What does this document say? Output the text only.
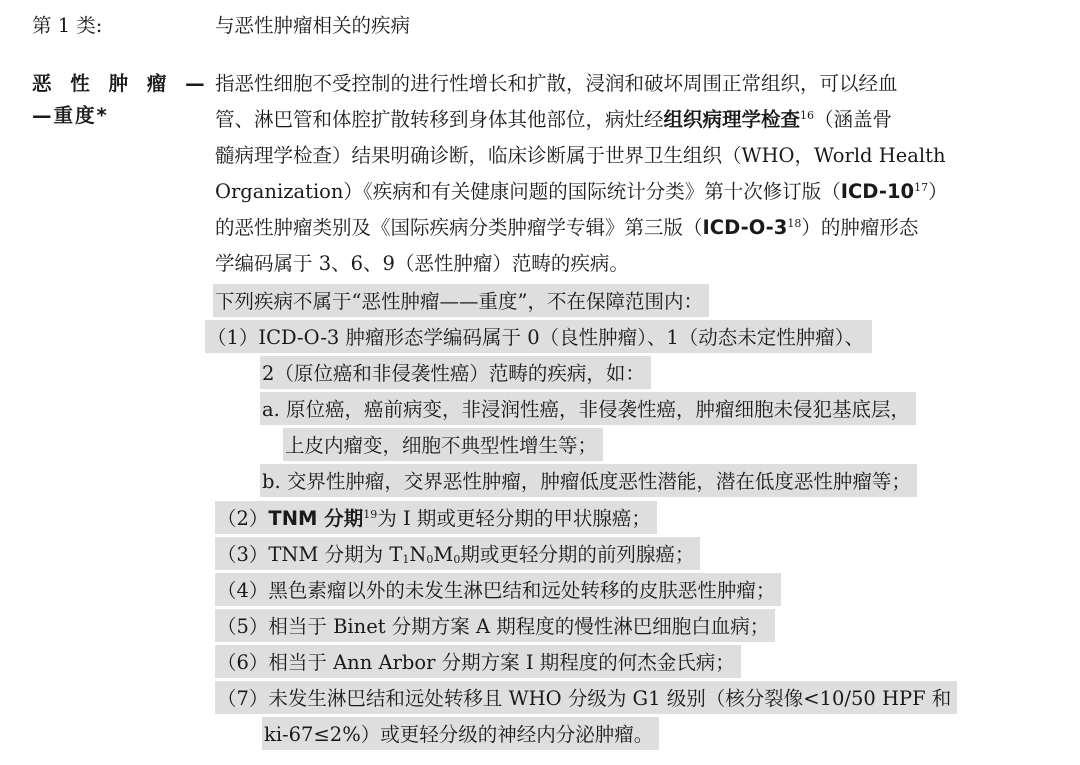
第 1 类:	与恶性肿瘤相关的疾病
恶 性 肿 瘤 —
—重度*
指恶性细胞不受控制的进行性增长和扩散，浸润和破坏周围正常组织，可以经血
管、淋巴管和体腔扩散转移到身体其他部位，病灶经组织病理学检查$^{16}$（涵盖骨
髓病理学检查）结果明确诊断，临床诊断属于世界卫生组织（WHO，World Health
Organization）《疾病和有关健康问题的国际统计分类》第十次修订版$(ICD-10^{17})$
的恶性肿瘤类别及《国际疾病分类肿瘤学专辑》第三版$(ICD-O-3^{18})$的肿瘤形态
学编码属于 3、6、9（恶性肿瘤）范畴的疾病。
下列疾病不属于“恶性肿瘤——重度”，不在保障范围内：
（1）ICD-O-3 肿瘤形态学编码属于 0（良性肿瘤）、1（动态未定性肿瘤）、
2（原位癌和非侵袭性癌）范畴的疾病，如：
a. 原位癌，癌前病变，非浸润性癌，非侵袭性癌，肿瘤细胞未侵犯基底层，
上皮内瘤变，细胞不典型性增生等；
b. 交界性肿瘤，交界恶性肿瘤，肿瘤低度恶性潜能，潜在低度恶性肿瘤等；
（2）TNM 分期$^{19}$为 I 期或更轻分期的甲状腺癌；
（3）TNM 分期为 $T_1N_0M_0$期或更轻分期的前列腺癌；
（4）黑色素瘤以外的未发生淋巴结和远处转移的皮肤恶性肿瘤；
（5）相当于 Binet 分期方案 A 期程度的慢性淋巴细胞白血病；
（6）相当于 Ann Arbor 分期方案 I 期程度的何杰金氏病；
（7）未发生淋巴结和远处转移且 WHO 分级为 G1 级别（核分裂像<10/50 HPF 和
ki-67≤2%）或更轻分级的神经内分泌肿瘤。
